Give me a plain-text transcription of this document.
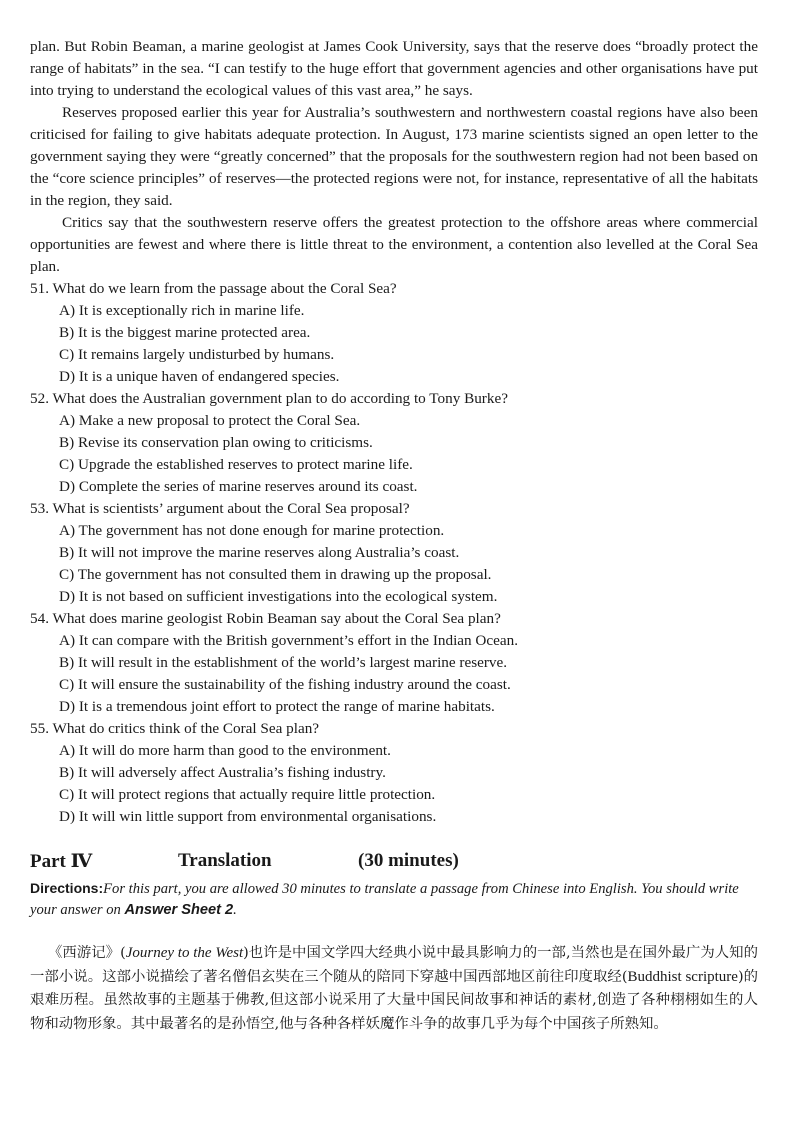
plan. But Robin Beaman, a marine geologist at James Cook University, says that the reserve does “broadly protect the range of habitats” in the sea. “I can testify to the huge effort that government agencies and other organisations have put into trying to understand the ecological values of this vast area,” he says.

Reserves proposed earlier this year for Australia’s southwestern and northwestern coastal regions have also been criticised for failing to give habitats adequate protection. In August, 173 marine scientists signed an open letter to the government saying they were “greatly concerned” that the proposals for the southwestern region had not been based on the “core science principles” of reserves—the protected regions were not, for instance, representative of all the habitats in the region, they said.

Critics say that the southwestern reserve offers the greatest protection to the offshore areas where commercial opportunities are fewest and where there is little threat to the environment, a contention also levelled at the Coral Sea plan.

51. What do we learn from the passage about the Coral Sea?

A) It is exceptionally rich in marine life.

B) It is the biggest marine protected area.

C) It remains largely undisturbed by humans.

D) It is a unique haven of endangered species.

52. What does the Australian government plan to do according to Tony Burke?

A) Make a new proposal to protect the Coral Sea.

B) Revise its conservation plan owing to criticisms.

C) Upgrade the established reserves to protect marine life.

D) Complete the series of marine reserves around its coast.

53. What is scientists’ argument about the Coral Sea proposal?

A) The government has not done enough for marine protection.

B) It will not improve the marine reserves along Australia’s coast.

C) The government has not consulted them in drawing up the proposal.

D) It is not based on sufficient investigations into the ecological system.

54. What does marine geologist Robin Beaman say about the Coral Sea plan?

A) It can compare with the British government’s effort in the Indian Ocean.

B) It will result in the establishment of the world’s largest marine reserve.

C) It will ensure the sustainability of the fishing industry around the coast.

D) It is a tremendous joint effort to protect the range of marine habitats.

55. What do critics think of the Coral Sea plan?

A) It will do more harm than good to the environment.

B) It will adversely affect Australia’s fishing industry.

C) It will protect regions that actually require little protection.

D) It will win little support from environmental organisations.

Part Ⅳ	Translation	(30 minutes)

Directions:For this part, you are allowed 30 minutes to translate a passage from Chinese into English. You should write your answer on Answer Sheet 2.

《西游记》(Journey to the West)也许是中国文学四大经典小说中最具影响力的一部,当然也是在国外最广为人知的一部小说。这部小说描绘了著名僧侣玄奘在三个随从的陪同下穿越中国西部地区前往印度取经(Buddhist scripture)的艰难历程。虽然故事的主题基于佛教,但这部小说采用了大量中国民间故事和神话的素材,创造了各种栩栩如生的人物和动物形象。其中最著名的是孙悟空,他与各种各样妖魔作斗争的故事几乎为每个中国孩子所熟知。
